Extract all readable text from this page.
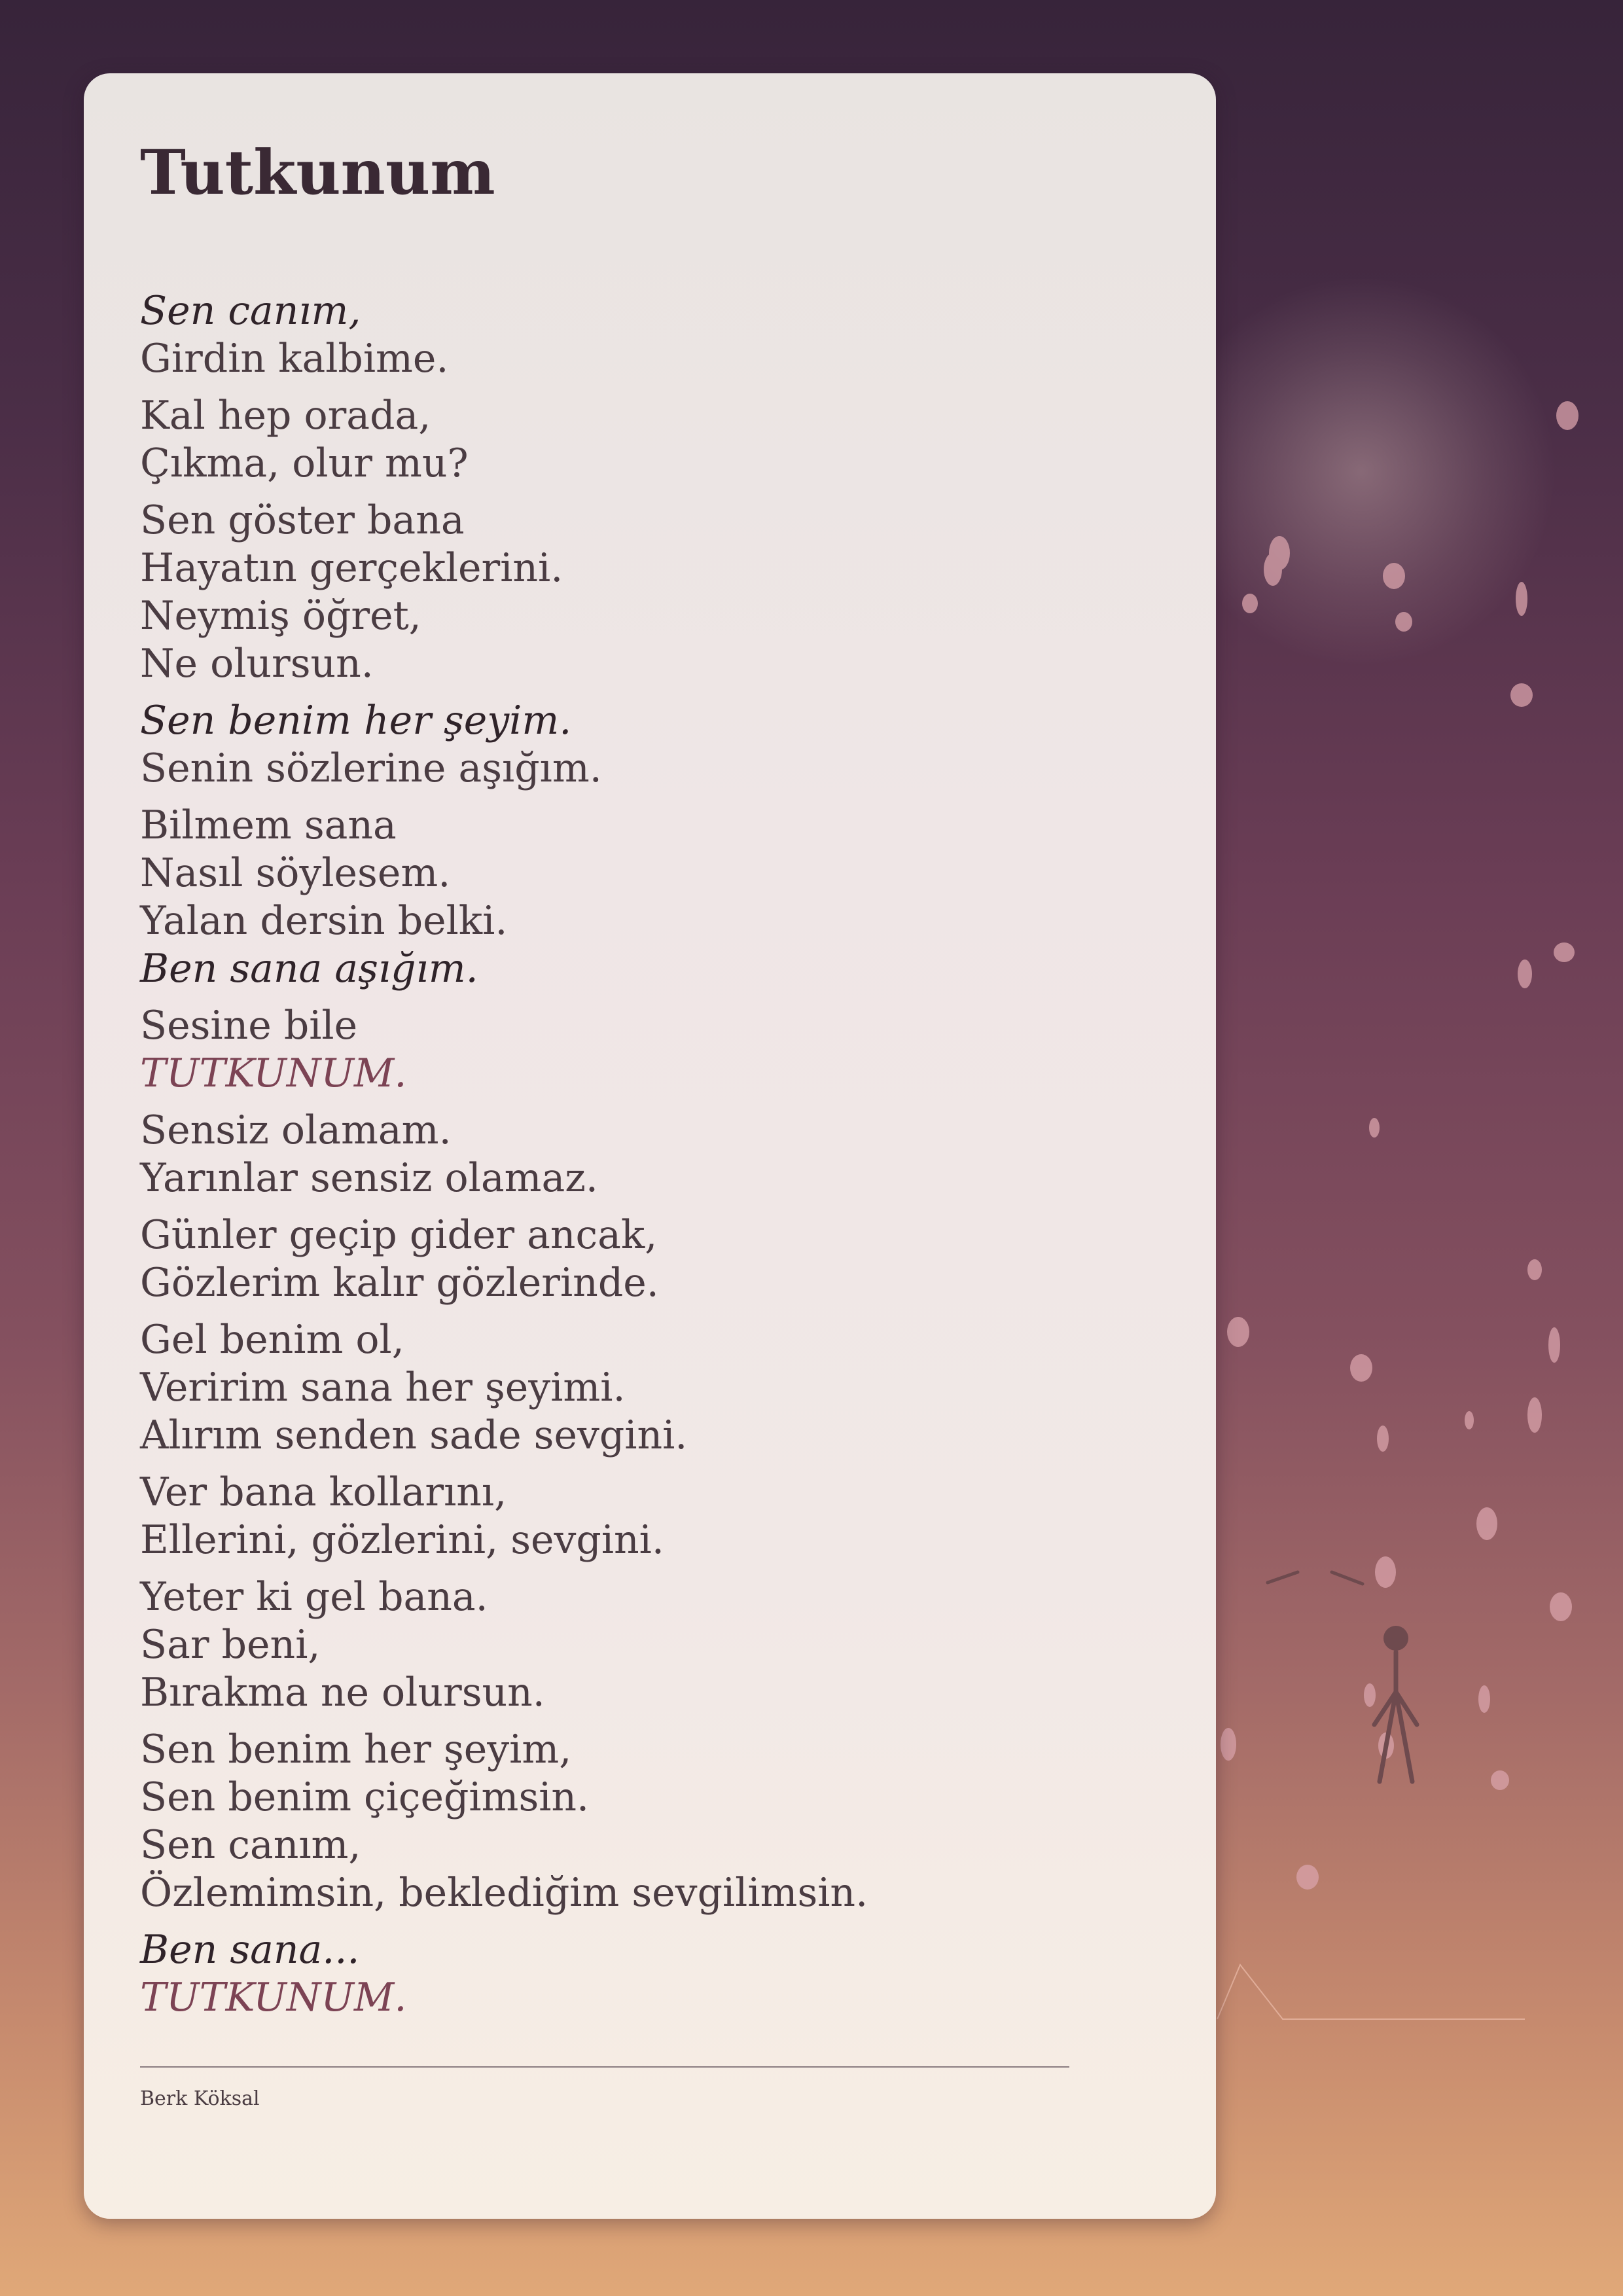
Tutkunum
Sen canım,
Girdin kalbime.
Kal hep orada,
Çıkma, olur mu?
Sen göster bana
Hayatın gerçeklerini.
Neymiş öğret,
Ne olursun.
Sen benim her şeyim.
Senin sözlerine aşığım.
Bilmem sana
Nasıl söylesem.
Yalan dersin belki.
Ben sana aşığım.
Sesine bile
TUTKUNUM.
Sensiz olamam.
Yarınlar sensiz olamaz.
Günler geçip gider ancak,
Gözlerim kalır gözlerinde.
Gel benim ol,
Veririm sana her şeyimi.
Alırım senden sade sevgini.
Ver bana kollarını,
Ellerini, gözlerini, sevgini.
Yeter ki gel bana.
Sar beni,
Bırakma ne olursun.
Sen benim her şeyim,
Sen benim çiçeğimsin.
Sen canım,
Özlemimsin, beklediğim sevgilimsin.
Ben sana...
TUTKUNUM.
Berk Köksal
